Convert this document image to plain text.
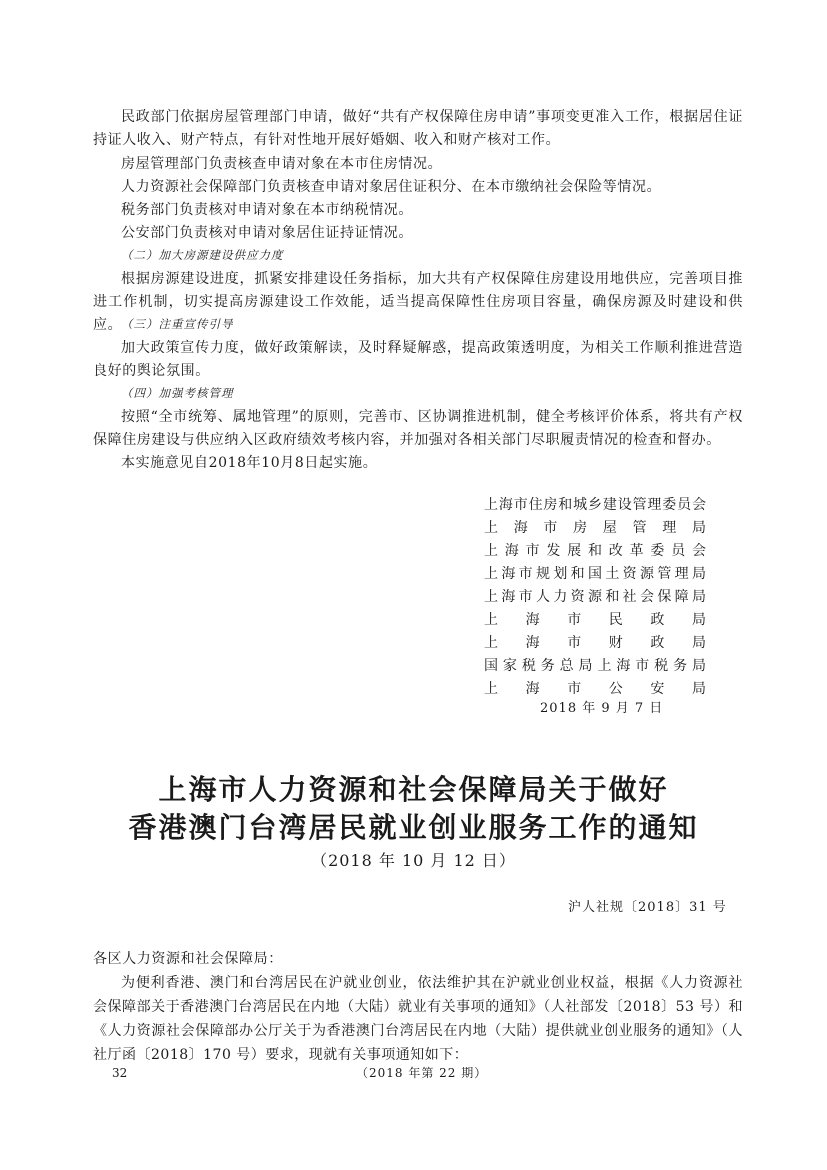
民政部门依据房屋管理部门申请，做好“共有产权保障住房申请”事项变更准入工作，根据居住证持证人收入、财产特点，有针对性地开展好婚姻、收入和财产核对工作。

房屋管理部门负责核查申请对象在本市住房情况。

人力资源社会保障部门负责核查申请对象居住证积分、在本市缴纳社会保险等情况。

税务部门负责核对申请对象在本市纳税情况。

公安部门负责核对申请对象居住证持证情况。

（二）加大房源建设供应力度

根据房源建设进度，抓紧安排建设任务指标，加大共有产权保障住房建设用地供应，完善项目推进工作机制，切实提高房源建设工作效能，适当提高保障性住房项目容量，确保房源及时建设和供应。

（三）注重宣传引导

加大政策宣传力度，做好政策解读，及时释疑解惑，提高政策透明度，为相关工作顺利推进营造良好的舆论氛围。

（四）加强考核管理

按照“全市统筹、属地管理”的原则，完善市、区协调推进机制，健全考核评价体系，将共有产权保障住房建设与供应纳入区政府绩效考核内容，并加强对各相关部门尽职履责情况的检查和督办。

本实施意见自2018年10月8日起实施。

上海市住房和城乡建设管理委员会
上海市房屋管理局
上海市发展和改革委员会
上海市规划和国土资源管理局
上海市人力资源和社会保障局
上海市民政局
上海市财政局
国家税务总局上海市税务局
上海市公安局
2018 年 9 月 7 日
上海市人力资源和社会保障局关于做好
香港澳门台湾居民就业创业服务工作的通知
（2018 年 10 月 12 日）
沪人社规〔2018〕31 号
各区人力资源和社会保障局：

为便利香港、澳门和台湾居民在沪就业创业，依法维护其在沪就业创业权益，根据《人力资源社会保障部关于香港澳门台湾居民在内地（大陆）就业有关事项的通知》（人社部发〔2018〕53 号）和《人力资源社会保障部办公厅关于为香港澳门台湾居民在内地（大陆）提供就业创业服务的通知》（人社厅函〔2018〕170 号）要求，现就有关事项通知如下：

32	（2018 年第 22 期）
